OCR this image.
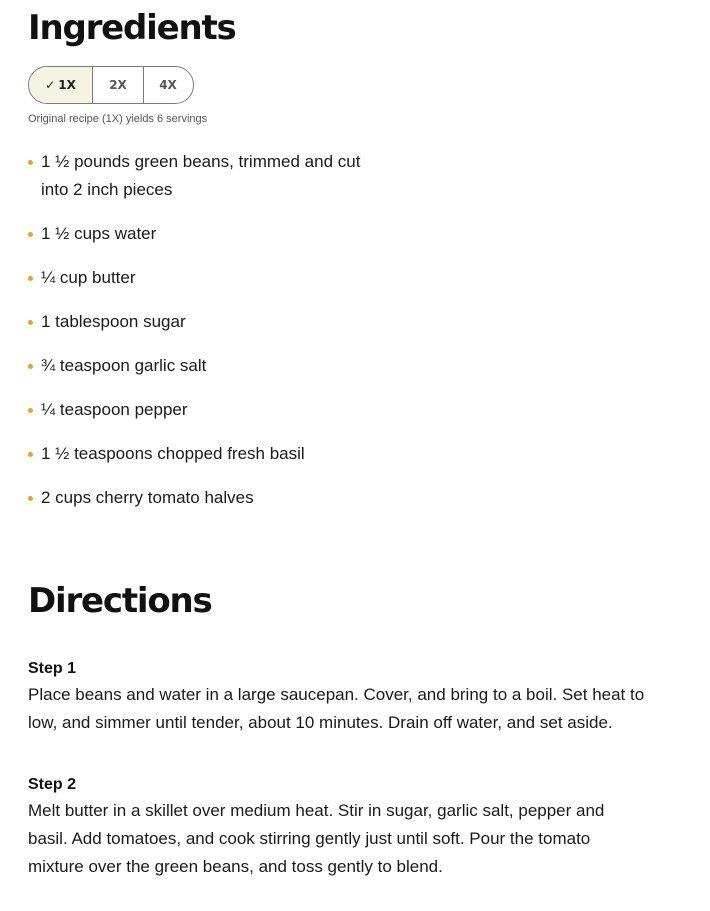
Ingredients
✓ 1X	2X	4X

Original recipe (1X) yields 6 servings

1 ½ pounds green beans, trimmed and cut into 2 inch pieces
1 ½ cups water
¼ cup butter
1 tablespoon sugar
¾ teaspoon garlic salt
¼ teaspoon pepper
1 ½ teaspoons chopped fresh basil
2 cups cherry tomato halves
Directions
Step 1

Place beans and water in a large saucepan. Cover, and bring to a boil. Set heat to low, and simmer until tender, about 10 minutes. Drain off water, and set aside.

Step 2

Melt butter in a skillet over medium heat. Stir in sugar, garlic salt, pepper and basil. Add tomatoes, and cook stirring gently just until soft. Pour the tomato mixture over the green beans, and toss gently to blend.
